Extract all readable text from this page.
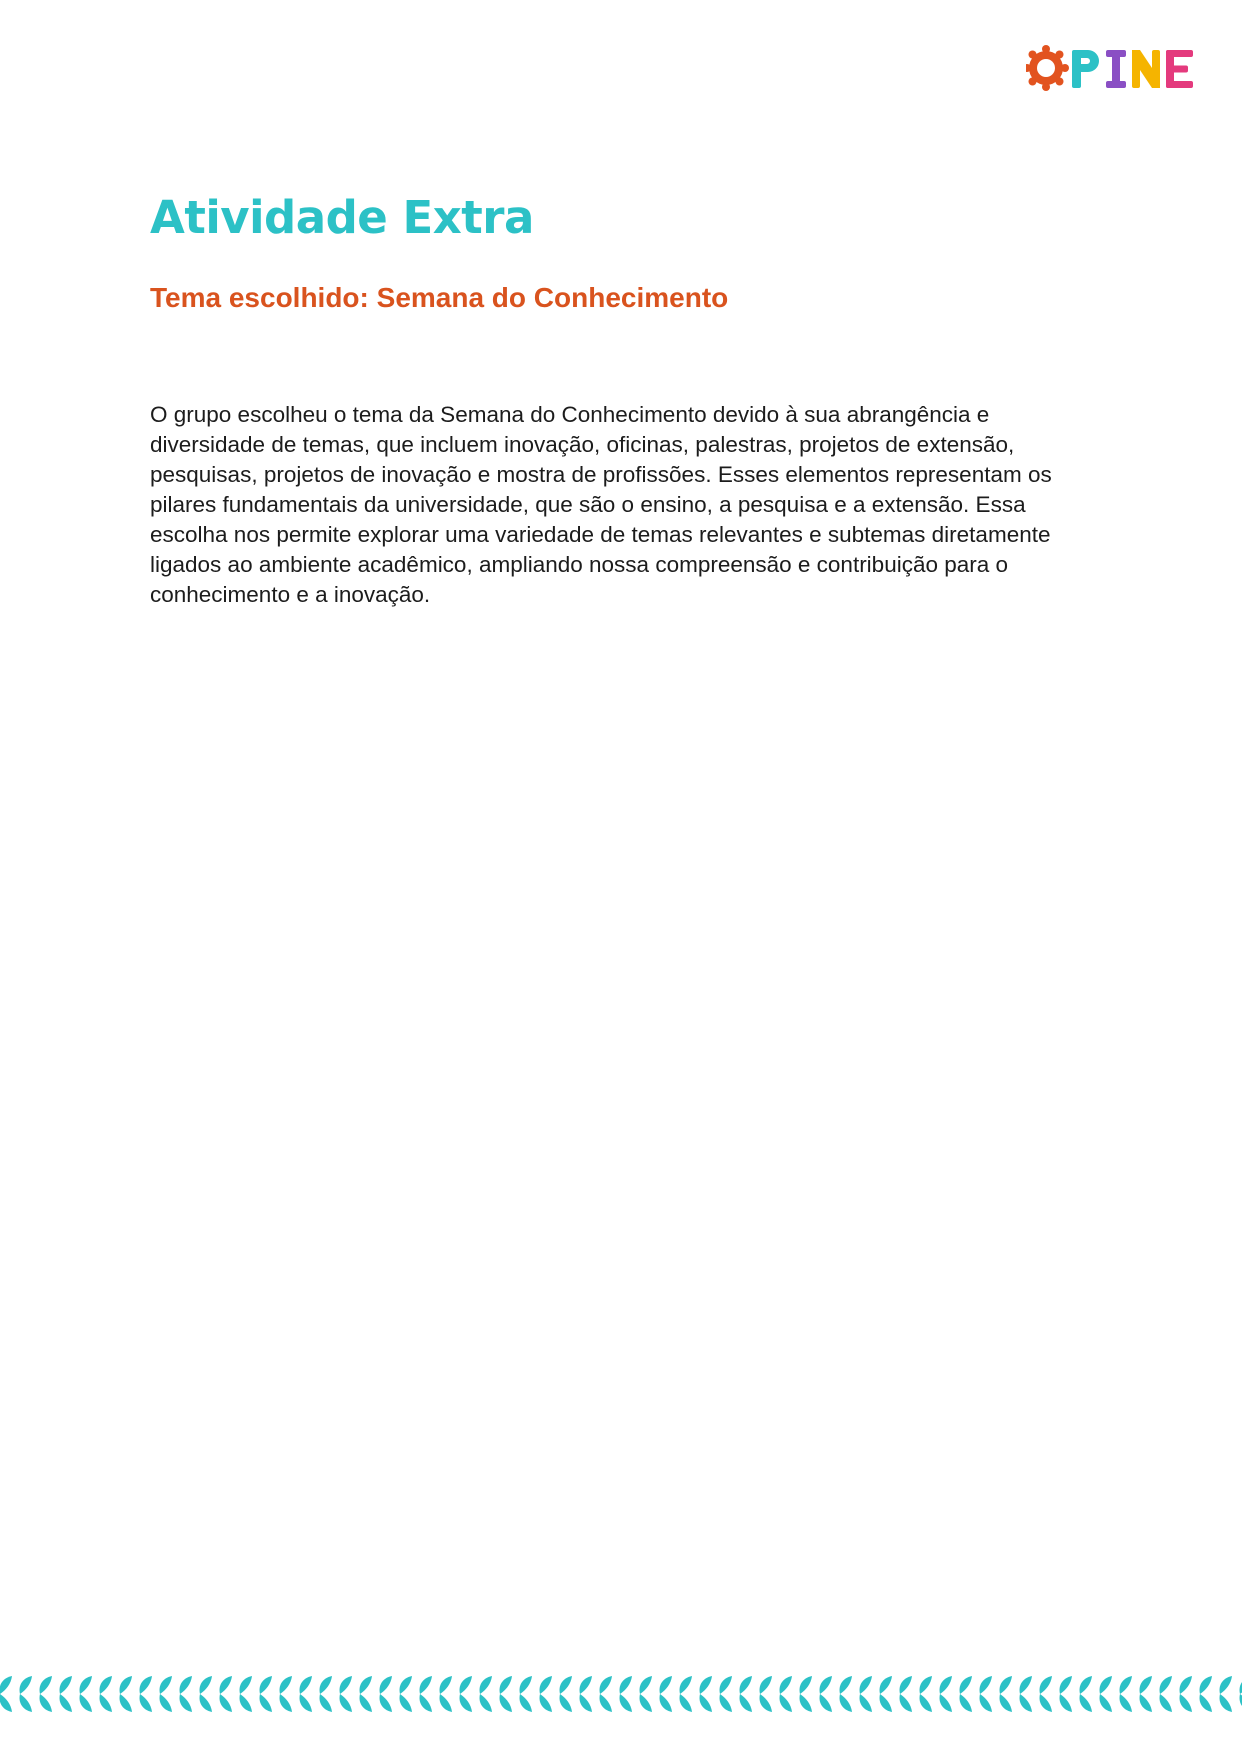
Atividade Extra
Tema escolhido: Semana do Conhecimento

O grupo escolheu o tema da Semana do Conhecimento devido à sua abrangência e diversidade de temas, que incluem inovação, oficinas, palestras, projetos de extensão, pesquisas, projetos de inovação e mostra de profissões. Esses elementos representam os pilares fundamentais da universidade, que são o ensino, a pesquisa e a extensão. Essa escolha nos permite explorar uma variedade de temas relevantes e subtemas diretamente ligados ao ambiente acadêmico, ampliando nossa compreensão e contribuição para o conhecimento e a inovação.
